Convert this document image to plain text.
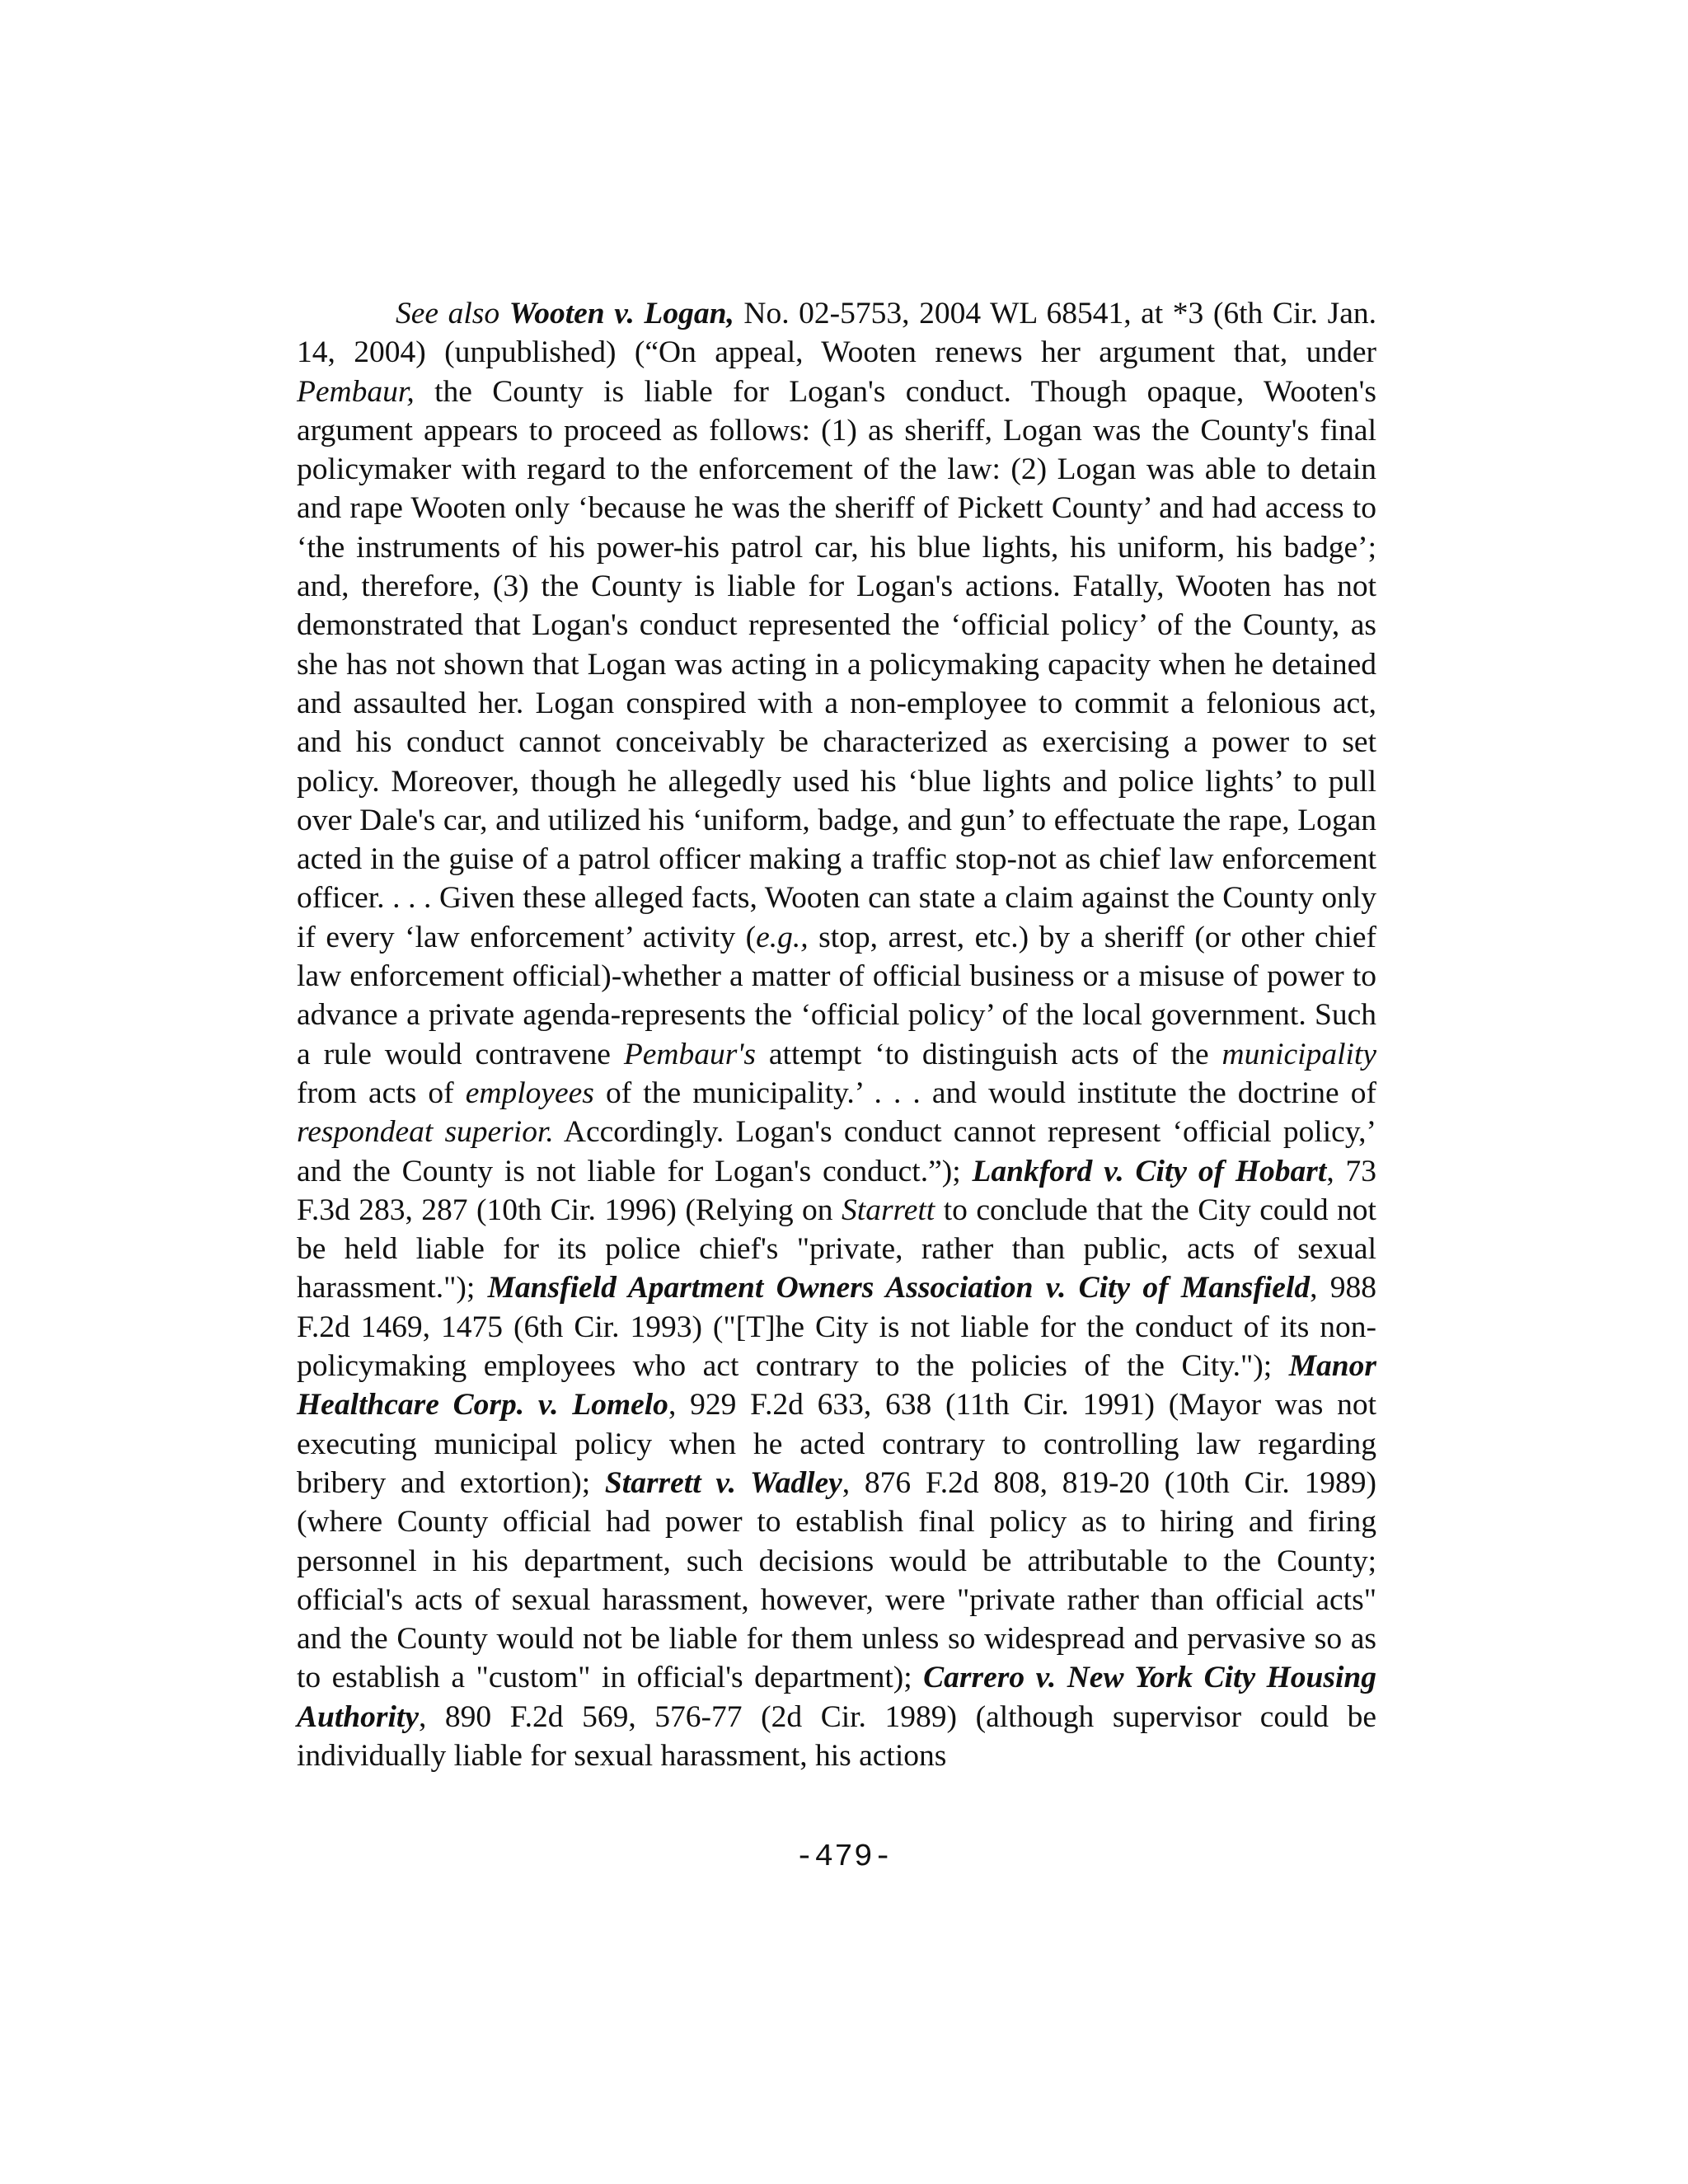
See also Wooten v. Logan, No. 02-5753, 2004 WL 68541, at *3 (6th Cir. Jan. 14, 2004) (unpublished) (“On appeal, Wooten renews her argument that, under Pembaur, the County is liable for Logan's conduct. Though opaque, Wooten's argument appears to proceed as follows: (1) as sheriff, Logan was the County's final policymaker with regard to the enforcement of the law: (2) Logan was able to detain and rape Wooten only ‘because he was the sheriff of Pickett County’ and had access to ‘the instruments of his power-his patrol car, his blue lights, his uniform, his badge’; and, therefore, (3) the County is liable for Logan's actions. Fatally, Wooten has not demonstrated that Logan's conduct represented the ‘official policy’ of the County, as she has not shown that Logan was acting in a policymaking capacity when he detained and assaulted her. Logan conspired with a non-employee to commit a felonious act, and his conduct cannot conceivably be characterized as exercising a power to set policy. Moreover, though he allegedly used his ‘blue lights and police lights’ to pull over Dale's car, and utilized his ‘uniform, badge, and gun’ to effectuate the rape, Logan acted in the guise of a patrol officer making a traffic stop-not as chief law enforcement officer. . . . Given these alleged facts, Wooten can state a claim against the County only if every ‘law enforcement’ activity (e.g., stop, arrest, etc.) by a sheriff (or other chief law enforcement official)-whether a matter of official business or a misuse of power to advance a private agenda-represents the ‘official policy’ of the local government. Such a rule would contravene Pembaur's attempt ‘to distinguish acts of the municipality from acts of employees of the municipality.’ . . . and would institute the doctrine of respondeat superior. Accordingly. Logan's conduct cannot represent ‘official policy,’ and the County is not liable for Logan's conduct.”); Lankford v. City of Hobart, 73 F.3d 283, 287 (10th Cir. 1996) (Relying on Starrett to conclude that the City could not be held liable for its police chief's "private, rather than public, acts of sexual harassment."); Mansfield Apartment Owners Association v. City of Mansfield, 988 F.2d 1469, 1475 (6th Cir. 1993) ("[T]he City is not liable for the conduct of its non-policymaking employees who act contrary to the policies of the City."); Manor Healthcare Corp. v. Lomelo, 929 F.2d 633, 638 (11th Cir. 1991) (Mayor was not executing municipal policy when he acted contrary to controlling law regarding bribery and extortion); Starrett v. Wadley, 876 F.2d 808, 819-20 (10th Cir. 1989) (where County official had power to establish final policy as to hiring and firing personnel in his department, such decisions would be attributable to the County; official's acts of sexual harassment, however, were "private rather than official acts" and the County would not be liable for them unless so widespread and pervasive so as to establish a "custom" in official's department); Carrero v. New York City Housing Authority, 890 F.2d 569, 576-77 (2d Cir. 1989) (although supervisor could be individually liable for sexual harassment, his actions

-479-
